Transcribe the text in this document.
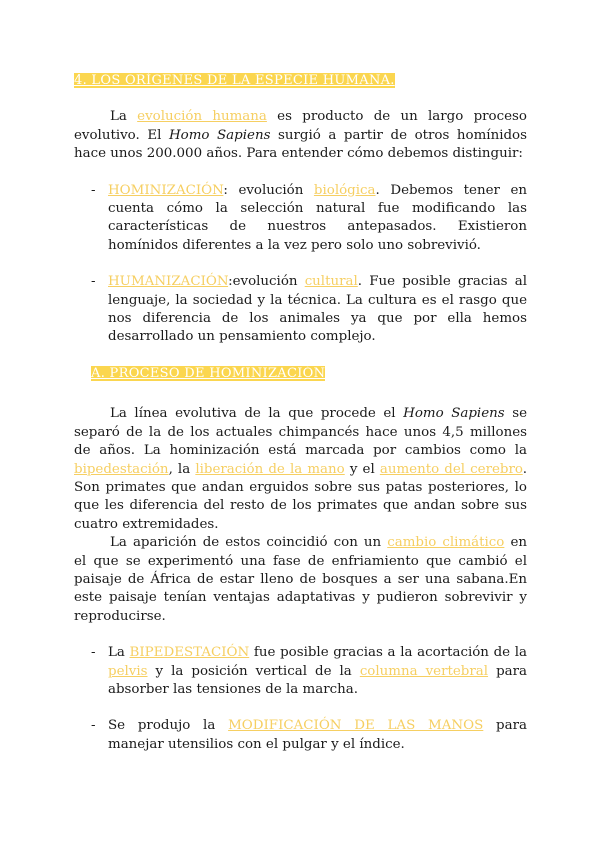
4. LOS ORÍGENES DE LA ESPECIE HUMANA.

La evolución humana es producto de un largo proceso evolutivo. El Homo Sapiens surgió a partir de otros homínidos hace unos 200.000 años. Para entender cómo debemos distinguir:

- HOMINIZACIÓN: evolución biológica. Debemos tener en cuenta cómo la selección natural fue modificando las características de nuestros antepasados. Existieron homínidos diferentes a la vez pero solo uno sobrevivió.
- HUMANIZACIÓN:evolución cultural. Fue posible gracias al lenguaje, la sociedad y la técnica. La cultura es el rasgo que nos diferencia de los animales ya que por ella hemos desarrollado un pensamiento complejo.
A. PROCESO DE HOMINIZACIÓN

La línea evolutiva de la que procede el Homo Sapiens se separó de la de los actuales chimpancés hace unos 4,5 millones de años. La hominización está marcada por cambios como la bipedestación, la liberación de la mano y el aumento del cerebro. Son primates que andan erguidos sobre sus patas posteriores, lo que les diferencia del resto de los primates que andan sobre sus cuatro extremidades.

La aparición de estos coincidió con un cambio climático en el que se experimentó una fase de enfriamiento que cambió el paisaje de África de estar lleno de bosques a ser una sabana.En este paisaje tenían ventajas adaptativas y pudieron sobrevivir y reproducirse.

- La BIPEDESTACIÓN fue posible gracias a la acortación de la pelvis y la posición vertical de la columna vertebral para absorber las tensiones de la marcha.
- Se produjo la MODIFICACIÓN DE LAS MANOS para manejar utensilios con el pulgar y el índice.
